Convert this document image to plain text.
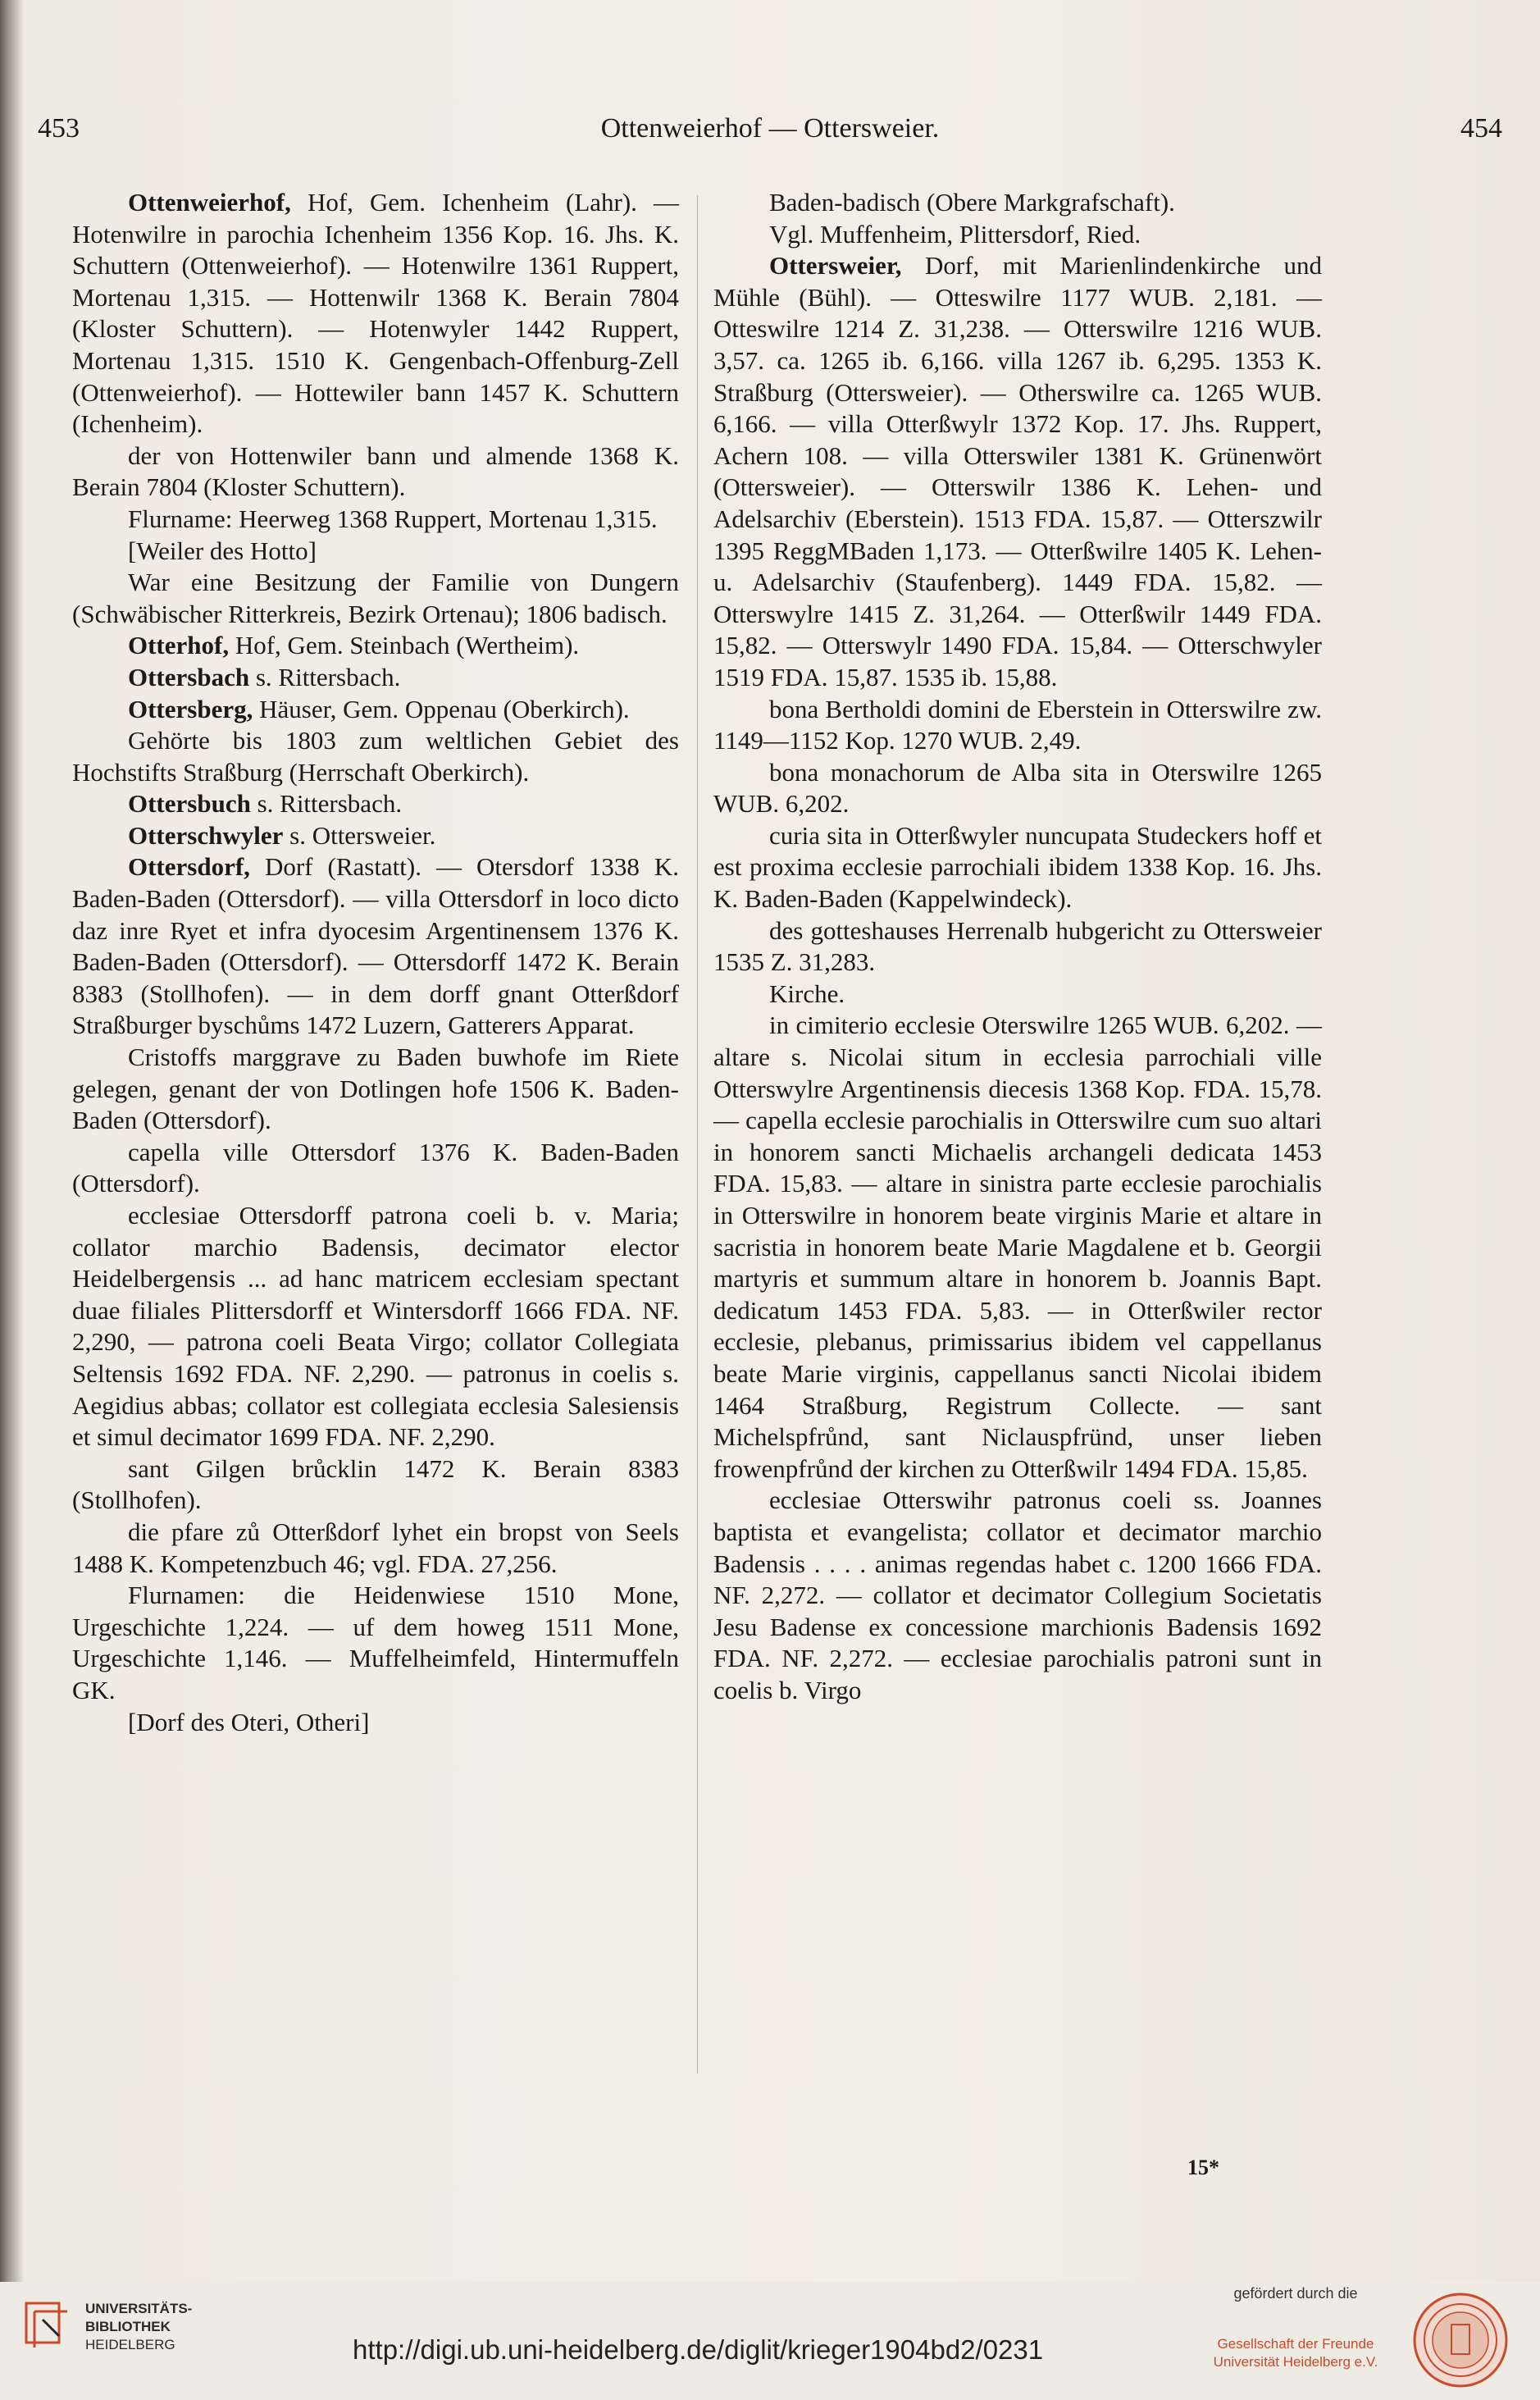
453	Ottenweierhof — Ottersweier.	454

Ottenweierhof, Hof, Gem. Ichenheim (Lahr). — Hotenwilre in parochia Ichenheim 1356 Kop. 16. Jhs. K. Schuttern (Ottenweierhof). — Hotenwilre 1361 Ruppert, Mortenau 1,315. — Hottenwilr 1368 K. Berain 7804 (Kloster Schuttern). — Hotenwyler 1442 Ruppert, Mortenau 1,315. 1510 K. Gengenbach-Offenburg-Zell (Ottenweierhof). — Hottewiler bann 1457 K. Schuttern (Ichenheim).

der von Hottenwiler bann und almende 1368 K. Berain 7804 (Kloster Schuttern).

Flurname: Heerweg 1368 Ruppert, Mortenau 1,315.

[Weiler des Hotto]

War eine Besitzung der Familie von Dungern (Schwäbischer Ritterkreis, Bezirk Ortenau); 1806 badisch.

Otterhof, Hof, Gem. Steinbach (Wertheim).

Ottersbach s. Rittersbach.

Ottersberg, Häuser, Gem. Oppenau (Oberkirch).

Gehörte bis 1803 zum weltlichen Gebiet des Hochstifts Straßburg (Herrschaft Oberkirch).

Ottersbuch s. Rittersbach.

Otterschwyler s. Ottersweier.

Ottersdorf, Dorf (Rastatt). — Otersdorf 1338 K. Baden-Baden (Ottersdorf). — villa Ottersdorf in loco dicto daz inre Ryet et infra dyocesim Argentinensem 1376 K. Baden-Baden (Ottersdorf). — Ottersdorff 1472 K. Berain 8383 (Stollhofen). — in dem dorff gnant Otterßdorf Straßburger byschůms 1472 Luzern, Gatterers Apparat.

Cristoffs marggrave zu Baden buwhofe im Riete gelegen, genant der von Dotlingen hofe 1506 K. Baden-Baden (Ottersdorf).

capella ville Ottersdorf 1376 K. Baden-Baden (Ottersdorf).

ecclesiae Ottersdorff patrona coeli b. v. Maria; collator marchio Badensis, decimator elector Heidelbergensis ... ad hanc matricem ecclesiam spectant duae filiales Plittersdorff et Wintersdorff 1666 FDA. NF. 2,290, — patrona coeli Beata Virgo; collator Collegiata Seltensis 1692 FDA. NF. 2,290. — patronus in coelis s. Aegidius abbas; collator est collegiata ecclesia Salesiensis et simul decimator 1699 FDA. NF. 2,290.

sant Gilgen brůcklin 1472 K. Berain 8383 (Stollhofen).

die pfare zů Otterßdorf lyhet ein bropst von Seels 1488 K. Kompetenzbuch 46; vgl. FDA. 27,256.

Flurnamen: die Heidenwiese 1510 Mone, Urgeschichte 1,224. — uf dem howeg 1511 Mone, Urgeschichte 1,146. — Muffelheimfeld, Hintermuffeln GK.

[Dorf des Oteri, Otheri]

Baden-badisch (Obere Markgrafschaft).

Vgl. Muffenheim, Plittersdorf, Ried.

Ottersweier, Dorf, mit Marienlindenkirche und Mühle (Bühl). — Otteswilre 1177 WUB. 2,181. — Otteswilre 1214 Z. 31,238. — Otterswilre 1216 WUB. 3,57. ca. 1265 ib. 6,166. villa 1267 ib. 6,295. 1353 K. Straßburg (Ottersweier). — Otherswilre ca. 1265 WUB. 6,166. — villa Otterßwylr 1372 Kop. 17. Jhs. Ruppert, Achern 108. — villa Otterswiler 1381 K. Grünenwört (Ottersweier). — Otterswilr 1386 K. Lehen- und Adelsarchiv (Eberstein). 1513 FDA. 15,87. — Otterszwilr 1395 ReggMBaden 1,173. — Otterßwilre 1405 K. Lehen- u. Adelsarchiv (Staufenberg). 1449 FDA. 15,82. — Otterswylre 1415 Z. 31,264. — Otterßwilr 1449 FDA. 15,82. — Otterswylr 1490 FDA. 15,84. — Otterschwyler 1519 FDA. 15,87. 1535 ib. 15,88.

bona Bertholdi domini de Eberstein in Otterswilre zw. 1149—1152 Kop. 1270 WUB. 2,49.

bona monachorum de Alba sita in Oterswilre 1265 WUB. 6,202.

curia sita in Otterßwyler nuncupata Studeckers hoff et est proxima ecclesie parrochiali ibidem 1338 Kop. 16. Jhs. K. Baden-Baden (Kappelwindeck).

des gotteshauses Herrenalb hubgericht zu Ottersweier 1535 Z. 31,283.

Kirche.

in cimiterio ecclesie Oterswilre 1265 WUB. 6,202. — altare s. Nicolai situm in ecclesia parrochiali ville Otterswylre Argentinensis diecesis 1368 Kop. FDA. 15,78. — capella ecclesie parochialis in Otterswilre cum suo altari in honorem sancti Michaelis archangeli dedicata 1453 FDA. 15,83. — altare in sinistra parte ecclesie parochialis in Otterswilre in honorem beate virginis Marie et altare in sacristia in honorem beate Marie Magdalene et b. Georgii martyris et summum altare in honorem b. Joannis Bapt. dedicatum 1453 FDA. 5,83. — in Otterßwiler rector ecclesie, plebanus, primissarius ibidem vel cappellanus beate Marie virginis, cappellanus sancti Nicolai ibidem 1464 Straßburg, Registrum Collecte. — sant Michelspfrůnd, sant Niclauspfründ, unser lieben frowenpfrůnd der kirchen zu Otterßwilr 1494 FDA. 15,85.

ecclesiae Otterswihr patronus coeli ss. Joannes baptista et evangelista; collator et decimator marchio Badensis . . . . animas regendas habet c. 1200 1666 FDA. NF. 2,272. — collator et decimator Collegium Societatis Jesu Badense ex concessione marchionis Badensis 1692 FDA. NF. 2,272. — ecclesiae parochialis patroni sunt in coelis b. Virgo

15*
UNIVERSITÄTS-
BIBLIOTHEK
HEIDELBERG	http://digi.ub.uni-heidelberg.de/diglit/krieger1904bd2/0231
gefördert durch die
Gesellschaft der Freunde
Universität Heidelberg e.V.
